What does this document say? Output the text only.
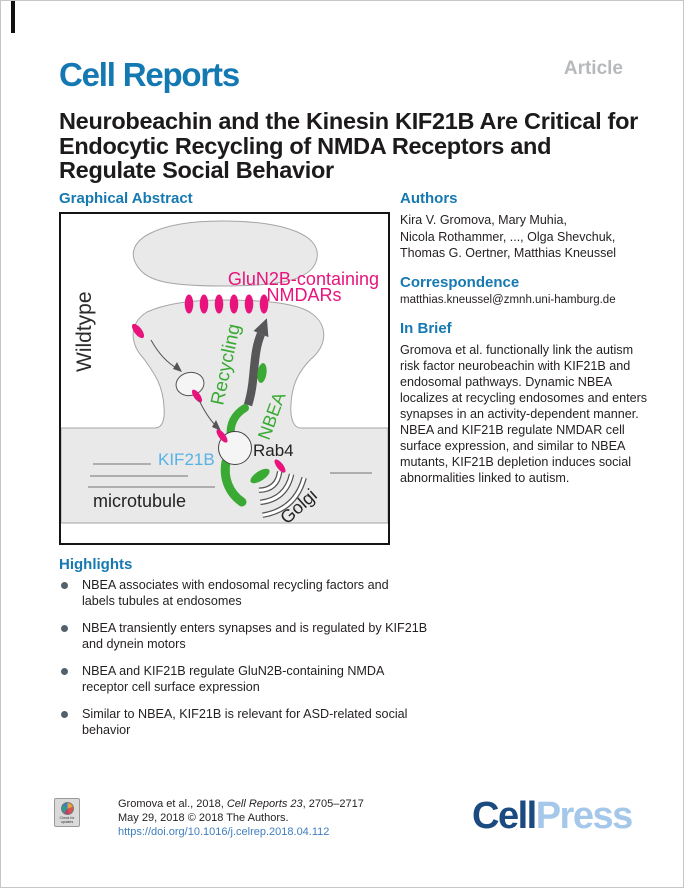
Cell Reports	Article
Neurobeachin and the Kinesin KIF21B Are Critical for
Endocytic Recycling of NMDA Receptors and
Regulate Social Behavior
Graphical Abstract
Wildtype
GluN2B-containing
NMDARs
Recycling
NBEA
Rab4
KIF21B
microtubule	Golgi
Authors
Kira V. Gromova, Mary Muhia,
Nicola Rothammer, ..., Olga Shevchuk,
Thomas G. Oertner, Matthias Kneussel
Correspondence
matthias.kneussel@zmnh.uni-hamburg.de
In Brief
Gromova et al. functionally link the autism risk factor neurobeachin with KIF21B and endosomal pathways. Dynamic NBEA localizes at recycling endosomes and enters synapses in an activity-dependent manner. NBEA and KIF21B regulate NMDAR cell surface expression, and similar to NBEA mutants, KIF21B depletion induces social abnormalities linked to autism.
Highlights
NBEA associates with endosomal recycling factors and
labels tubules at endosomes
NBEA transiently enters synapses and is regulated by KIF21B
and dynein motors
NBEA and KIF21B regulate GluN2B-containing NMDA
receptor cell surface expression
Similar to NBEA, KIF21B is relevant for ASD-related social
behavior
Check for updates
Gromova et al., 2018, Cell Reports 23, 2705–2717
May 29, 2018 © 2018 The Authors.
https://doi.org/10.1016/j.celrep.2018.04.112	CellPress
